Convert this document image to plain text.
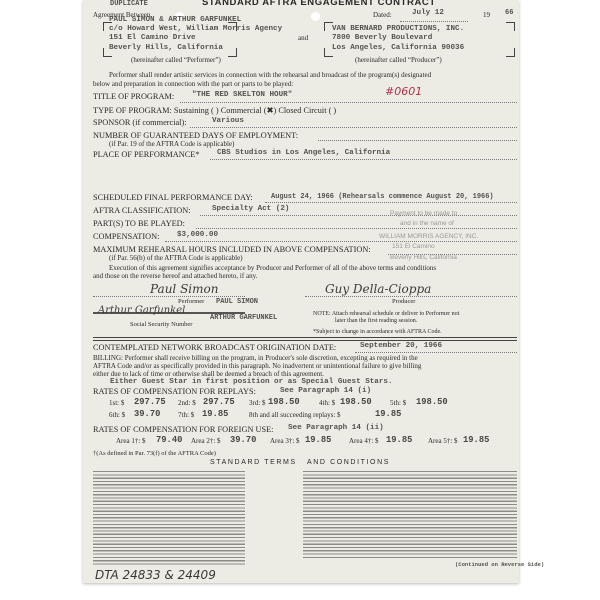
DUPLICATE	STANDARD AFTRA ENGAGEMENT CONTRACT
Agreement Between	Dated:	July 12	19 66
PAUL SIMON & ARTHUR GARFUNKEL
c/o Howard West, William Morris Agency
151 El Camino Drive
Beverly Hills, California
(hereinafter called “Performer”)
and
VAN BERNARD PRODUCTIONS, INC.
7800 Beverly Boulevard
Los Angeles, California 90036
(hereinafter called “Producer”)
Performer shall render artistic services in connection with the rehearsal and broadcast of the program(s) designated
below and preparation in connection with the part or parts to be played:
TITLE OF PROGRAM: "THE RED SKELTON HOUR"	#0601
TYPE OF PROGRAM: Sustaining ( ) Commercial (✖) Closed Circuit ( )
SPONSOR (if commercial):	Various
NUMBER OF GUARANTEED DAYS OF EMPLOYMENT:
(if Par. 19 of the AFTRA Code is applicable)
PLACE OF PERFORMANCE* CBS Studios in Los Angeles, California
SCHEDULED FINAL PERFORMANCE DAY:	August 24, 1966 (Rehearsals commence August 20, 1966)
AFTRA CLASSIFICATION:	Specialty Act (2)
PART(S) TO BE PLAYED:
COMPENSATION: $3,000.00
MAXIMUM REHEARSAL HOURS INCLUDED IN ABOVE COMPENSATION:
(if Par. 56(b) of the AFTRA Code is applicable)
Payment to be made to
and in the name of
WILLIAM MORRIS AGENCY, INC.
151 El Camino
Beverly Hills, California
Execution of this agreement signifies acceptance by Producer and Performer of all of the above terms and conditions
and those on the reverse hereof and attached hereto, if any.
Paul Simon
Performer PAUL SIMON
Arthur Garfunkel
ARTHUR GARFUNKEL
Social Security Number
Guy Della-Cioppa
Producer
NOTE: Attach rehearsal schedule or deliver to Performer not
later than the first reading session.
*Subject to change in accordance with AFTRA Code.
CONTEMPLATED NETWORK BROADCAST ORIGINATION DATE:	September 20, 1966
BILLING: Performer shall receive billing on the program, in Producer's sole discretion, excepting as required in the
AFTRA Code and/or as specifically provided in this paragraph. No inadvertent or unintentional failure to give billing
either due to lack of time or otherwise shall be deemed a breach of this agreement.
Either Guest Star in first position or as Special Guest Stars.
RATES OF COMPENSATION FOR REPLAYS:	See Paragraph 14 (i)
1st: $ 297.75 2nd: $ 297.75 3rd: $ 198.50	4th: $ 198.50	5th: $ 198.50
6th: $ 39.70	7th: $ 19.85	8th and all succeeding replays: $	19.85
RATES OF COMPENSATION FOR FOREIGN USE: See Paragraph 14 (ii)
Area 1†: $ 79.40 Area 2†: $ 39.70 Area 3†: $ 19.85	Area 4†: $ 19.85 Area 5†: $ 19.85
†(As defined in Par. 73(f) of the AFTRA Code)
STANDARD TERMS   AND CONDITIONS
(Continued on Reverse Side)
DTA 24833 & 24409
